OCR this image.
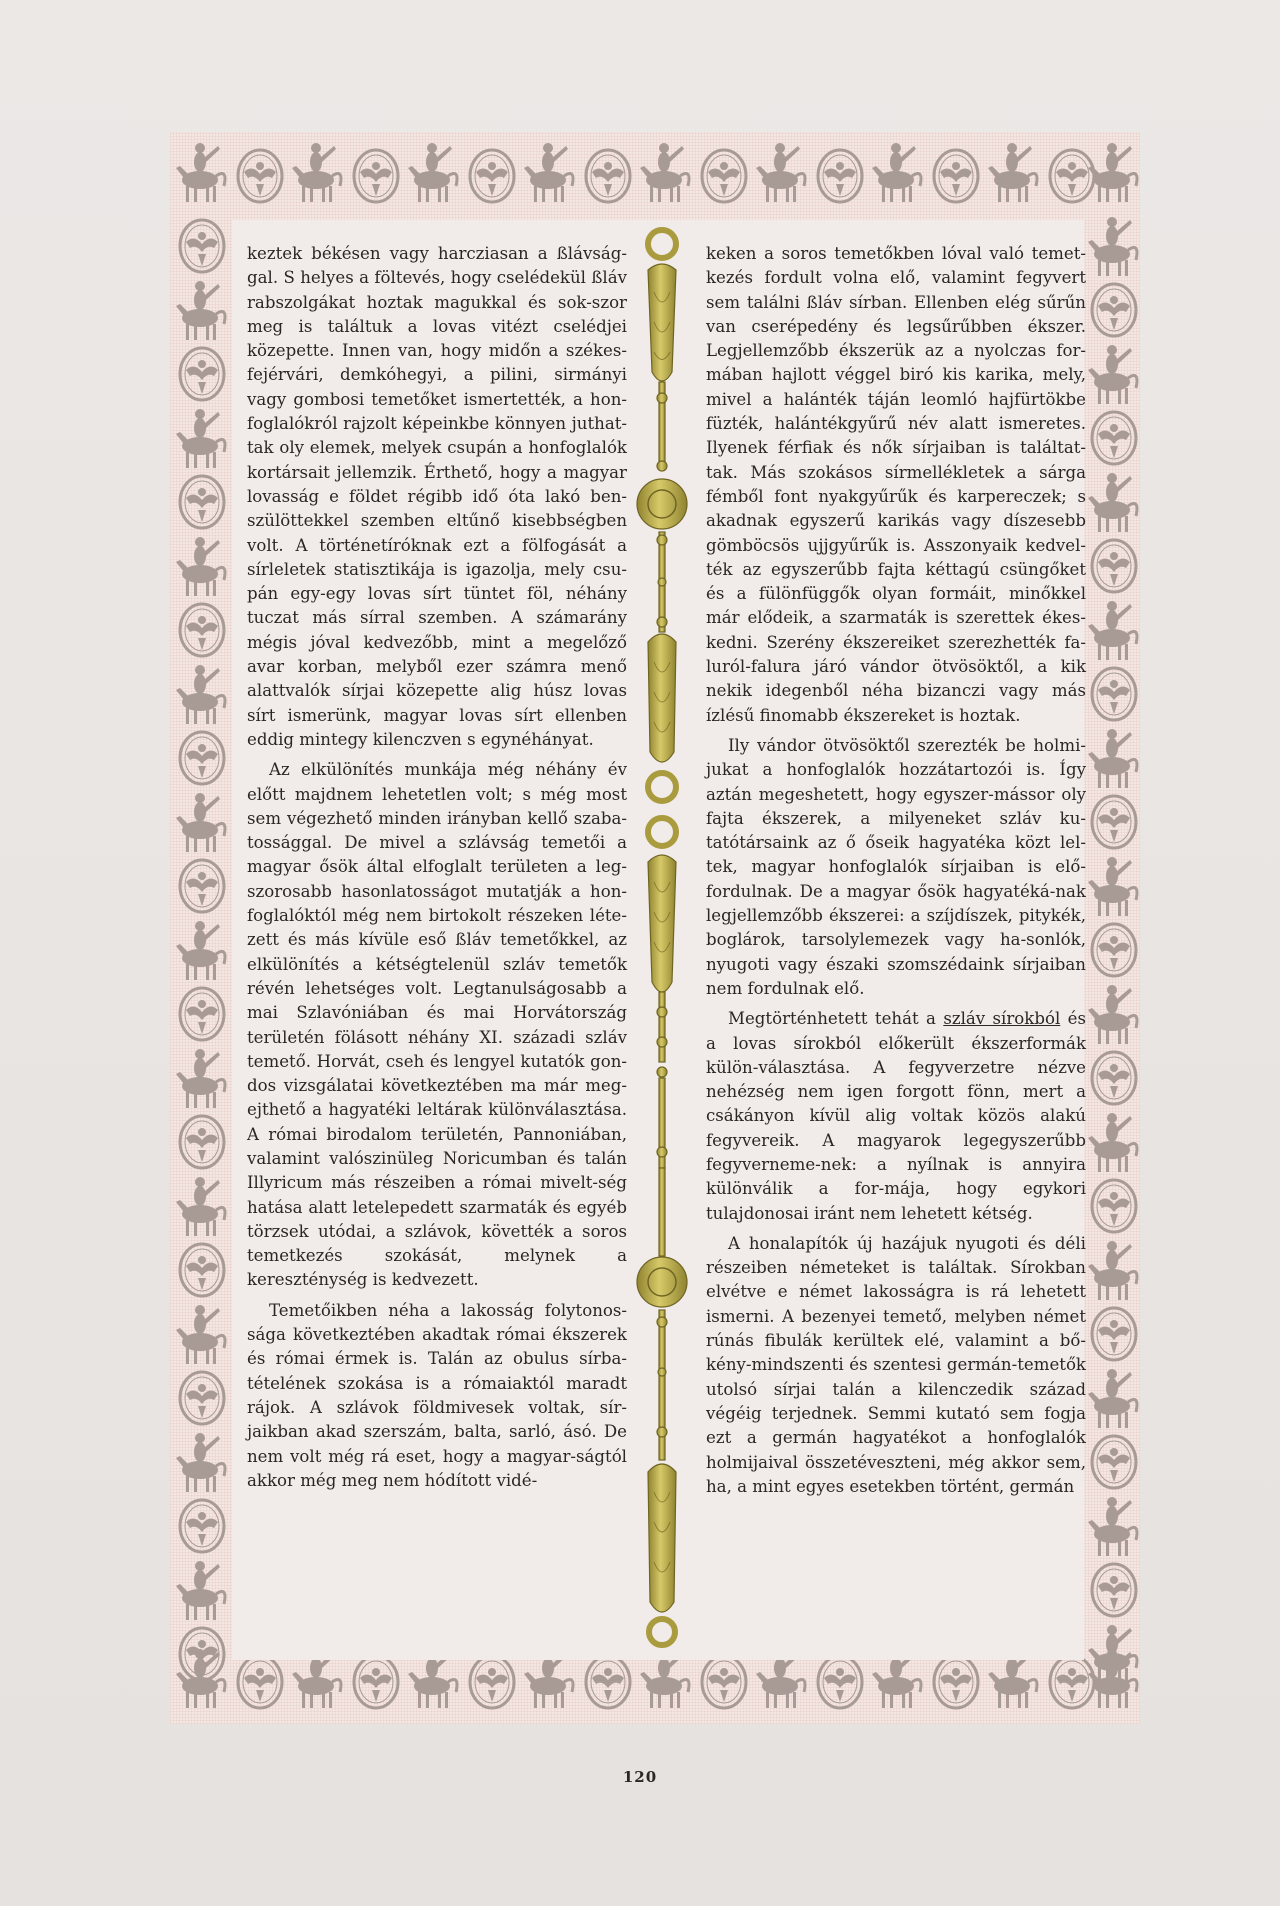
keztek békésen vagy harcziasan a ßlávság-gal. S helyes a föltevés, hogy cselédekül ßláv rabszolgákat hoztak magukkal és sok-szor meg is találtuk a lovas vitézt cselédjei közepette. Innen van, hogy midőn a székes-fejérvári, demkóhegyi, a pilini, sirmányi vagy gombosi temetőket ismertették, a hon-foglalókról rajzolt képeinkbe könnyen juthat-tak oly elemek, melyek csupán a honfoglalók kortársait jellemzik. Érthető, hogy a magyar lovasság e földet régibb idő óta lakó ben-szülöttekkel szemben eltűnő kisebbségben volt. A történetíróknak ezt a fölfogását a sírleletek statisztikája is igazolja, mely csu-pán egy-egy lovas sírt tüntet föl, néhány tuczat más sírral szemben. A számarány mégis jóval kedvezőbb, mint a megelőző avar korban, melyből ezer számra menő alattvalók sírjai közepette alig húsz lovas sírt ismerünk, magyar lovas sírt ellenben eddig mintegy kilenczven s egynéhányat.

Az elkülönítés munkája még néhány év előtt majdnem lehetetlen volt; s még most sem végezhető minden irányban kellő szaba-tossággal. De mivel a szlávság temetői a magyar ősök által elfoglalt területen a leg-szorosabb hasonlatosságot mutatják a hon-foglalóktól még nem birtokolt részeken léte-zett és más kívüle eső ßláv temetőkkel, az elkülönítés a kétségtelenül szláv temetők révén lehetséges volt. Legtanulságosabb a mai Szlavóniában és mai Horvátország területén fölásott néhány XI. századi szláv temető. Horvát, cseh és lengyel kutatók gon-dos vizsgálatai következtében ma már meg-ejthető a hagyatéki leltárak különválasztása. A római birodalom területén, Pannoniában, valamint valószinüleg Noricumban és talán Illyricum más részeiben a római mivelt-ség hatása alatt letelepedett szarmaták és egyéb törzsek utódai, a szlávok, követték a soros temetkezés szokását, melynek a kereszténység is kedvezett.

Temetőikben néha a lakosság folytonos-sága következtében akadtak római ékszerek és római érmek is. Talán az obulus sírba-tételének szokása is a rómaiaktól maradt rájok. A szlávok földmivesek voltak, sír-jaikban akad szerszám, balta, sarló, ásó. De nem volt még rá eset, hogy a magyar-ságtól akkor még meg nem hódított vidé-

keken a soros temetőkben lóval való temet-kezés fordult volna elő, valamint fegyvert sem találni ßláv sírban. Ellenben elég sűrűn van cserépedény és legsűrűbben ékszer. Legjellemzőbb ékszerük az a nyolczas for-mában hajlott véggel biró kis karika, mely, mivel a halánték táján leomló hajfürtökbe füzték, halántékgyűrű név alatt ismeretes. Ilyenek férfiak és nők sírjaiban is találtat-tak. Más szokásos sírmellékletek a sárga fémből font nyakgyűrűk és karpereczek; s akadnak egyszerű karikás vagy díszesebb gömböcsös ujjgyűrűk is. Asszonyaik kedvel-ték az egyszerűbb fajta kéttagú csüngőket és a fülönfüggők olyan formáit, minőkkel már elődeik, a szarmaták is szerettek ékes-kedni. Szerény ékszereiket szerezhették fa-luról-falura járó vándor ötvösöktől, a kik nekik idegenből néha bizanczi vagy más ízlésű finomabb ékszereket is hoztak.

Ily vándor ötvösöktől szerezték be holmi-jukat a honfoglalók hozzátartozói is. Így aztán megeshetett, hogy egyszer-mássor oly fajta ékszerek, a milyeneket szláv ku-tatótársaink az ő őseik hagyatéka közt lel-tek, magyar honfoglalók sírjaiban is elő-fordulnak. De a magyar ősök hagyatéká-nak legjellemzőbb ékszerei: a szíjdíszek, pitykék, boglárok, tarsolylemezek vagy ha-sonlók, nyugoti vagy északi szomszédaink sírjaiban nem fordulnak elő.

Megtörténhetett tehát a szláv sírokból és a lovas sírokból előkerült ékszerformák külön-választása. A fegyverzetre nézve nehézség nem igen forgott fönn, mert a csákányon kívül alig voltak közös alakú fegyvereik. A magyarok legegyszerűbb fegyverneme-nek: a nyílnak is annyira különválik a for-mája, hogy egykori tulajdonosai iránt nem lehetett kétség.

A honalapítók új hazájuk nyugoti és déli részeiben németeket is találtak. Sírokban elvétve e német lakosságra is rá lehetett ismerni. A bezenyei temető, melyben német rúnás fibulák kerültek elé, valamint a bő-kény-mindszenti és szentesi germán-temetők utolsó sírjai talán a kilenczedik század végéig terjednek. Semmi kutató sem fogja ezt a germán hagyatékot a honfoglalók holmijaival összetéveszteni, még akkor sem, ha, a mint egyes esetekben történt, germán

120
